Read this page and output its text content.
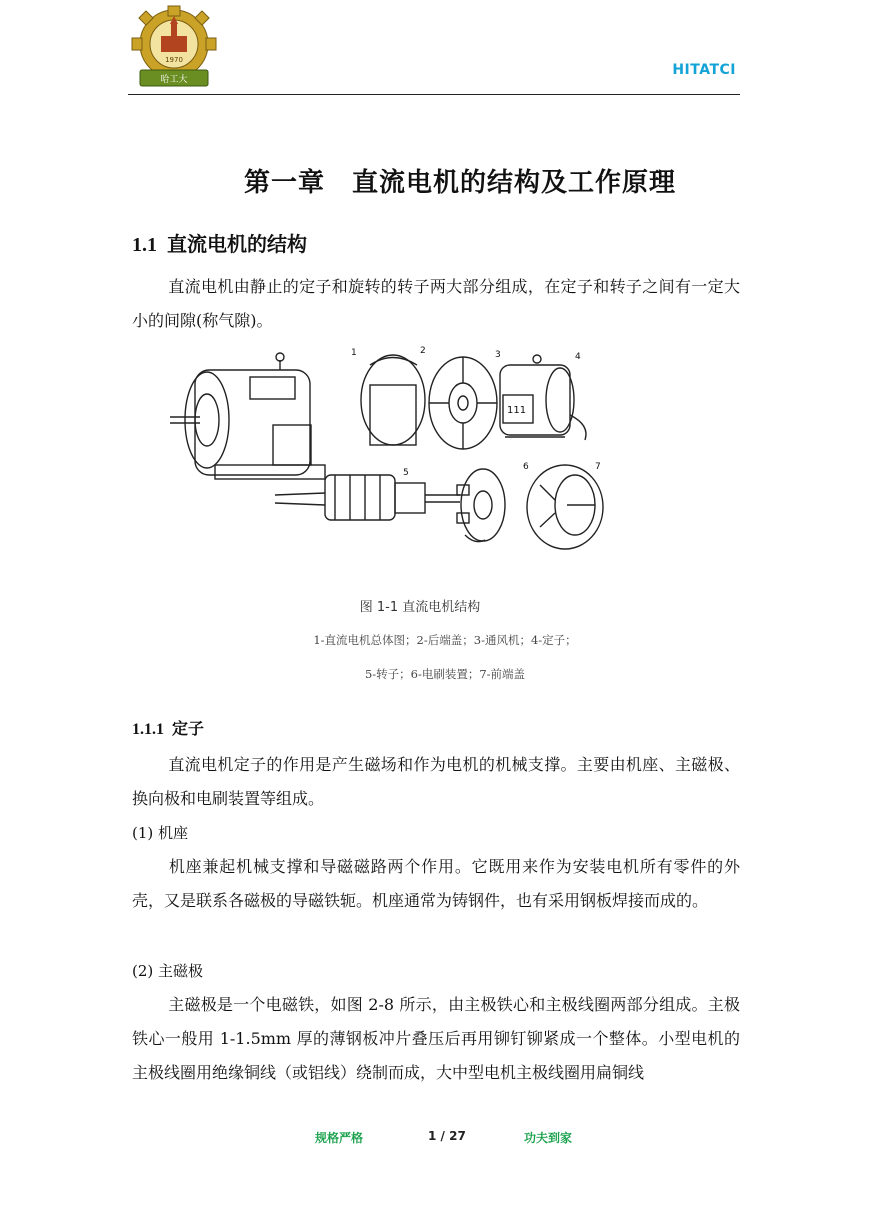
1970
哈工大
HITATCI
第一章　直流电机的结构及工作原理
1.1 直流电机的结构
直流电机由静止的定子和旋转的转子两大部分组成，在定子和转子之间有一定大小的间隙(称气隙)。
1	2	3	4
5
6	7
111
图 1-1 直流电机结构
1-直流电机总体图；2-后端盖；3-通风机；4-定子；
5-转子；6-电刷装置；7-前端盖
1.1.1 定子
直流电机定子的作用是产生磁场和作为电机的机械支撑。主要由机座、主磁极、换向极和电刷装置等组成。
(1) 机座
机座兼起机械支撑和导磁磁路两个作用。它既用来作为安装电机所有零件的外壳，又是联系各磁极的导磁铁轭。机座通常为铸钢件，也有采用钢板焊接而成的。
(2) 主磁极
主磁极是一个电磁铁，如图 2-8 所示，由主极铁心和主极线圈两部分组成。主极铁心一般用 1-1.5mm 厚的薄钢板冲片叠压后再用铆钉铆紧成一个整体。小型电机的主极线圈用绝缘铜线（或铝线）绕制而成，大中型电机主极线圈用扁铜线
规格严格	1 / 27	功夫到家
